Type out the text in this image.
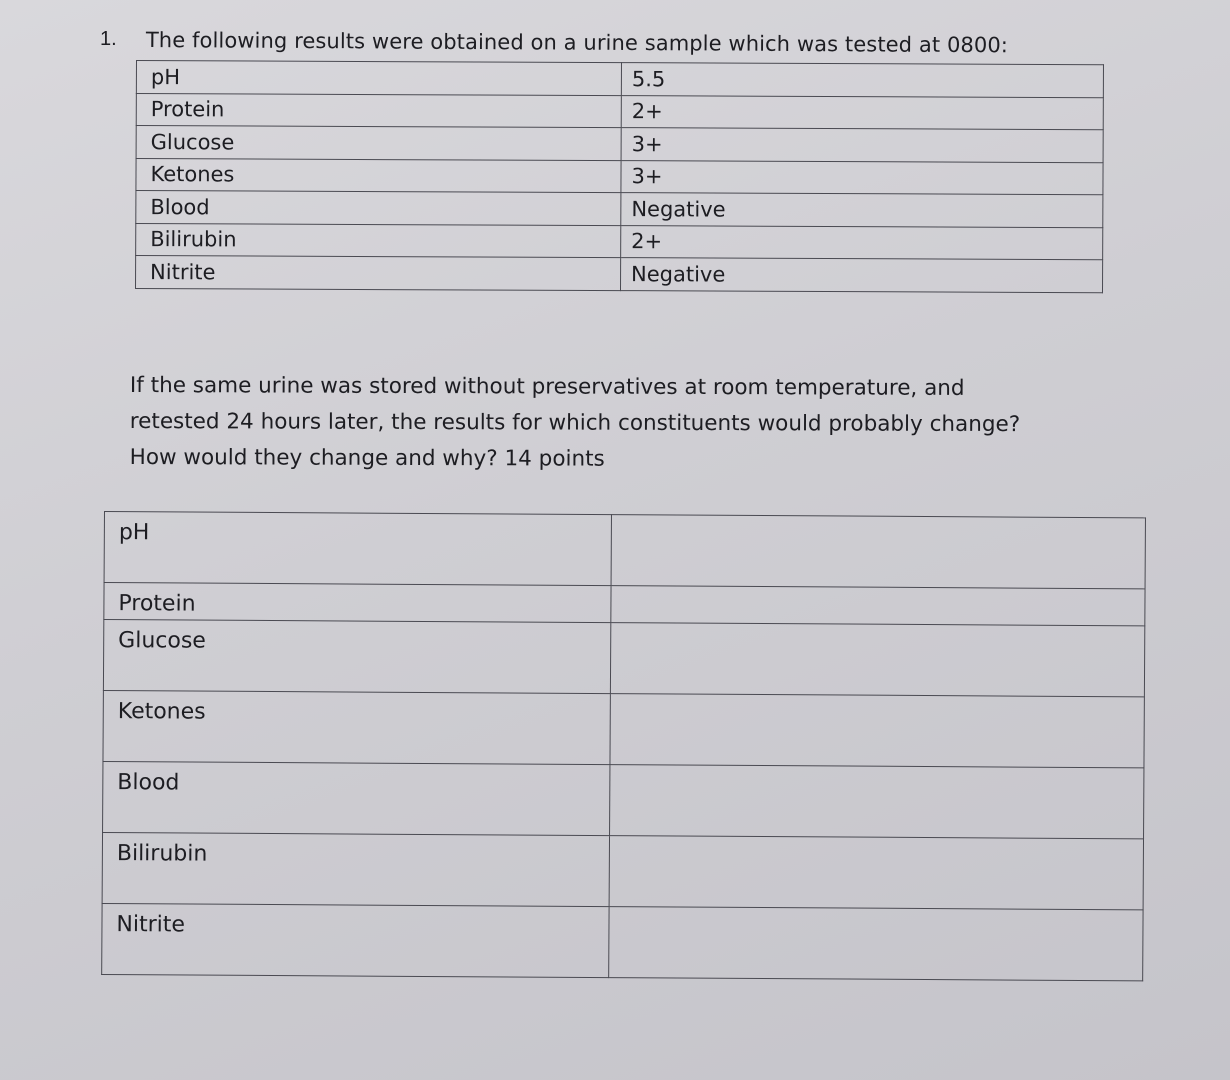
1. The following results were obtained on a urine sample which was tested at 0800:
pH	5.5
Protein	2+
Glucose	3+
Ketones	3+
Blood	Negative
Bilirubin	2+
Nitrite	Negative
If the same urine was stored without preservatives at room temperature, and
retested 24 hours later, the results for which constituents would probably change?
How would they change and why? 14 points
pH	
Protein	
Glucose	
Ketones	
Blood	
Bilirubin	
Nitrite	
